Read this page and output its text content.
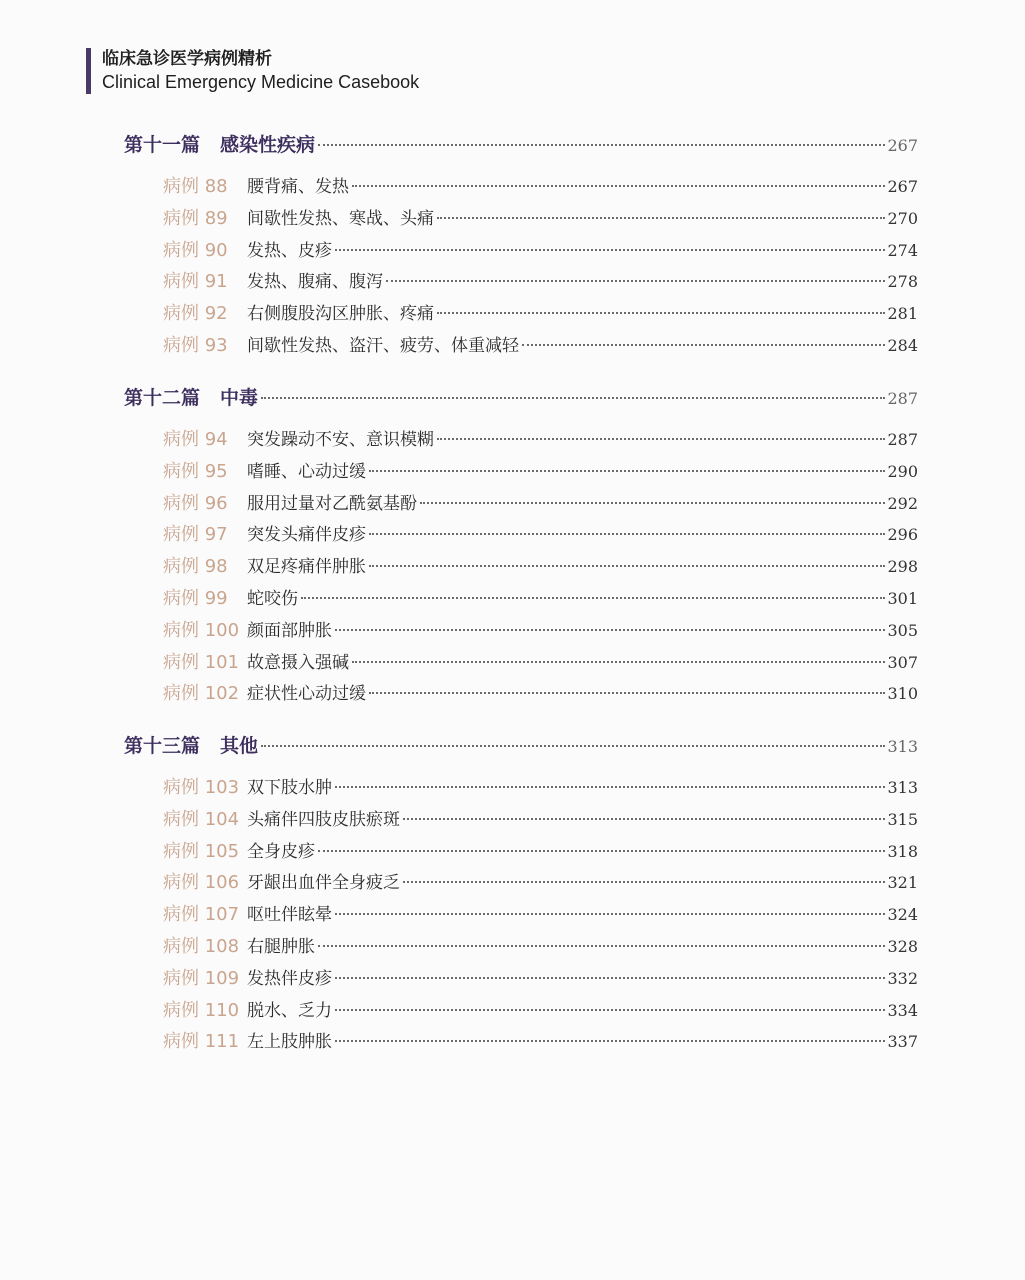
临床急诊医学病例精析
Clinical Emergency Medicine Casebook
第十一篇 感染性疾病	267
病例 88	腰背痛、发热	267
病例 89	间歇性发热、寒战、头痛	270
病例 90	发热、皮疹	274
病例 91	发热、腹痛、腹泻	278
病例 92	右侧腹股沟区肿胀、疼痛	281
病例 93	间歇性发热、盗汗、疲劳、体重减轻	284
第十二篇 中毒	287
病例 94	突发躁动不安、意识模糊	287
病例 95	嗜睡、心动过缓	290
病例 96	服用过量对乙酰氨基酚	292
病例 97	突发头痛伴皮疹	296
病例 98	双足疼痛伴肿胀	298
病例 99	蛇咬伤	301
病例 100 颜面部肿胀	305
病例 101 故意摄入强碱	307
病例 102 症状性心动过缓	310
第十三篇 其他	313
病例 103 双下肢水肿	313
病例 104 头痛伴四肢皮肤瘀斑	315
病例 105 全身皮疹	318
病例 106 牙龈出血伴全身疲乏	321
病例 107 呕吐伴眩晕	324
病例 108 右腿肿胀	328
病例 109 发热伴皮疹	332
病例 110 脱水、乏力	334
病例 111 左上肢肿胀	337
